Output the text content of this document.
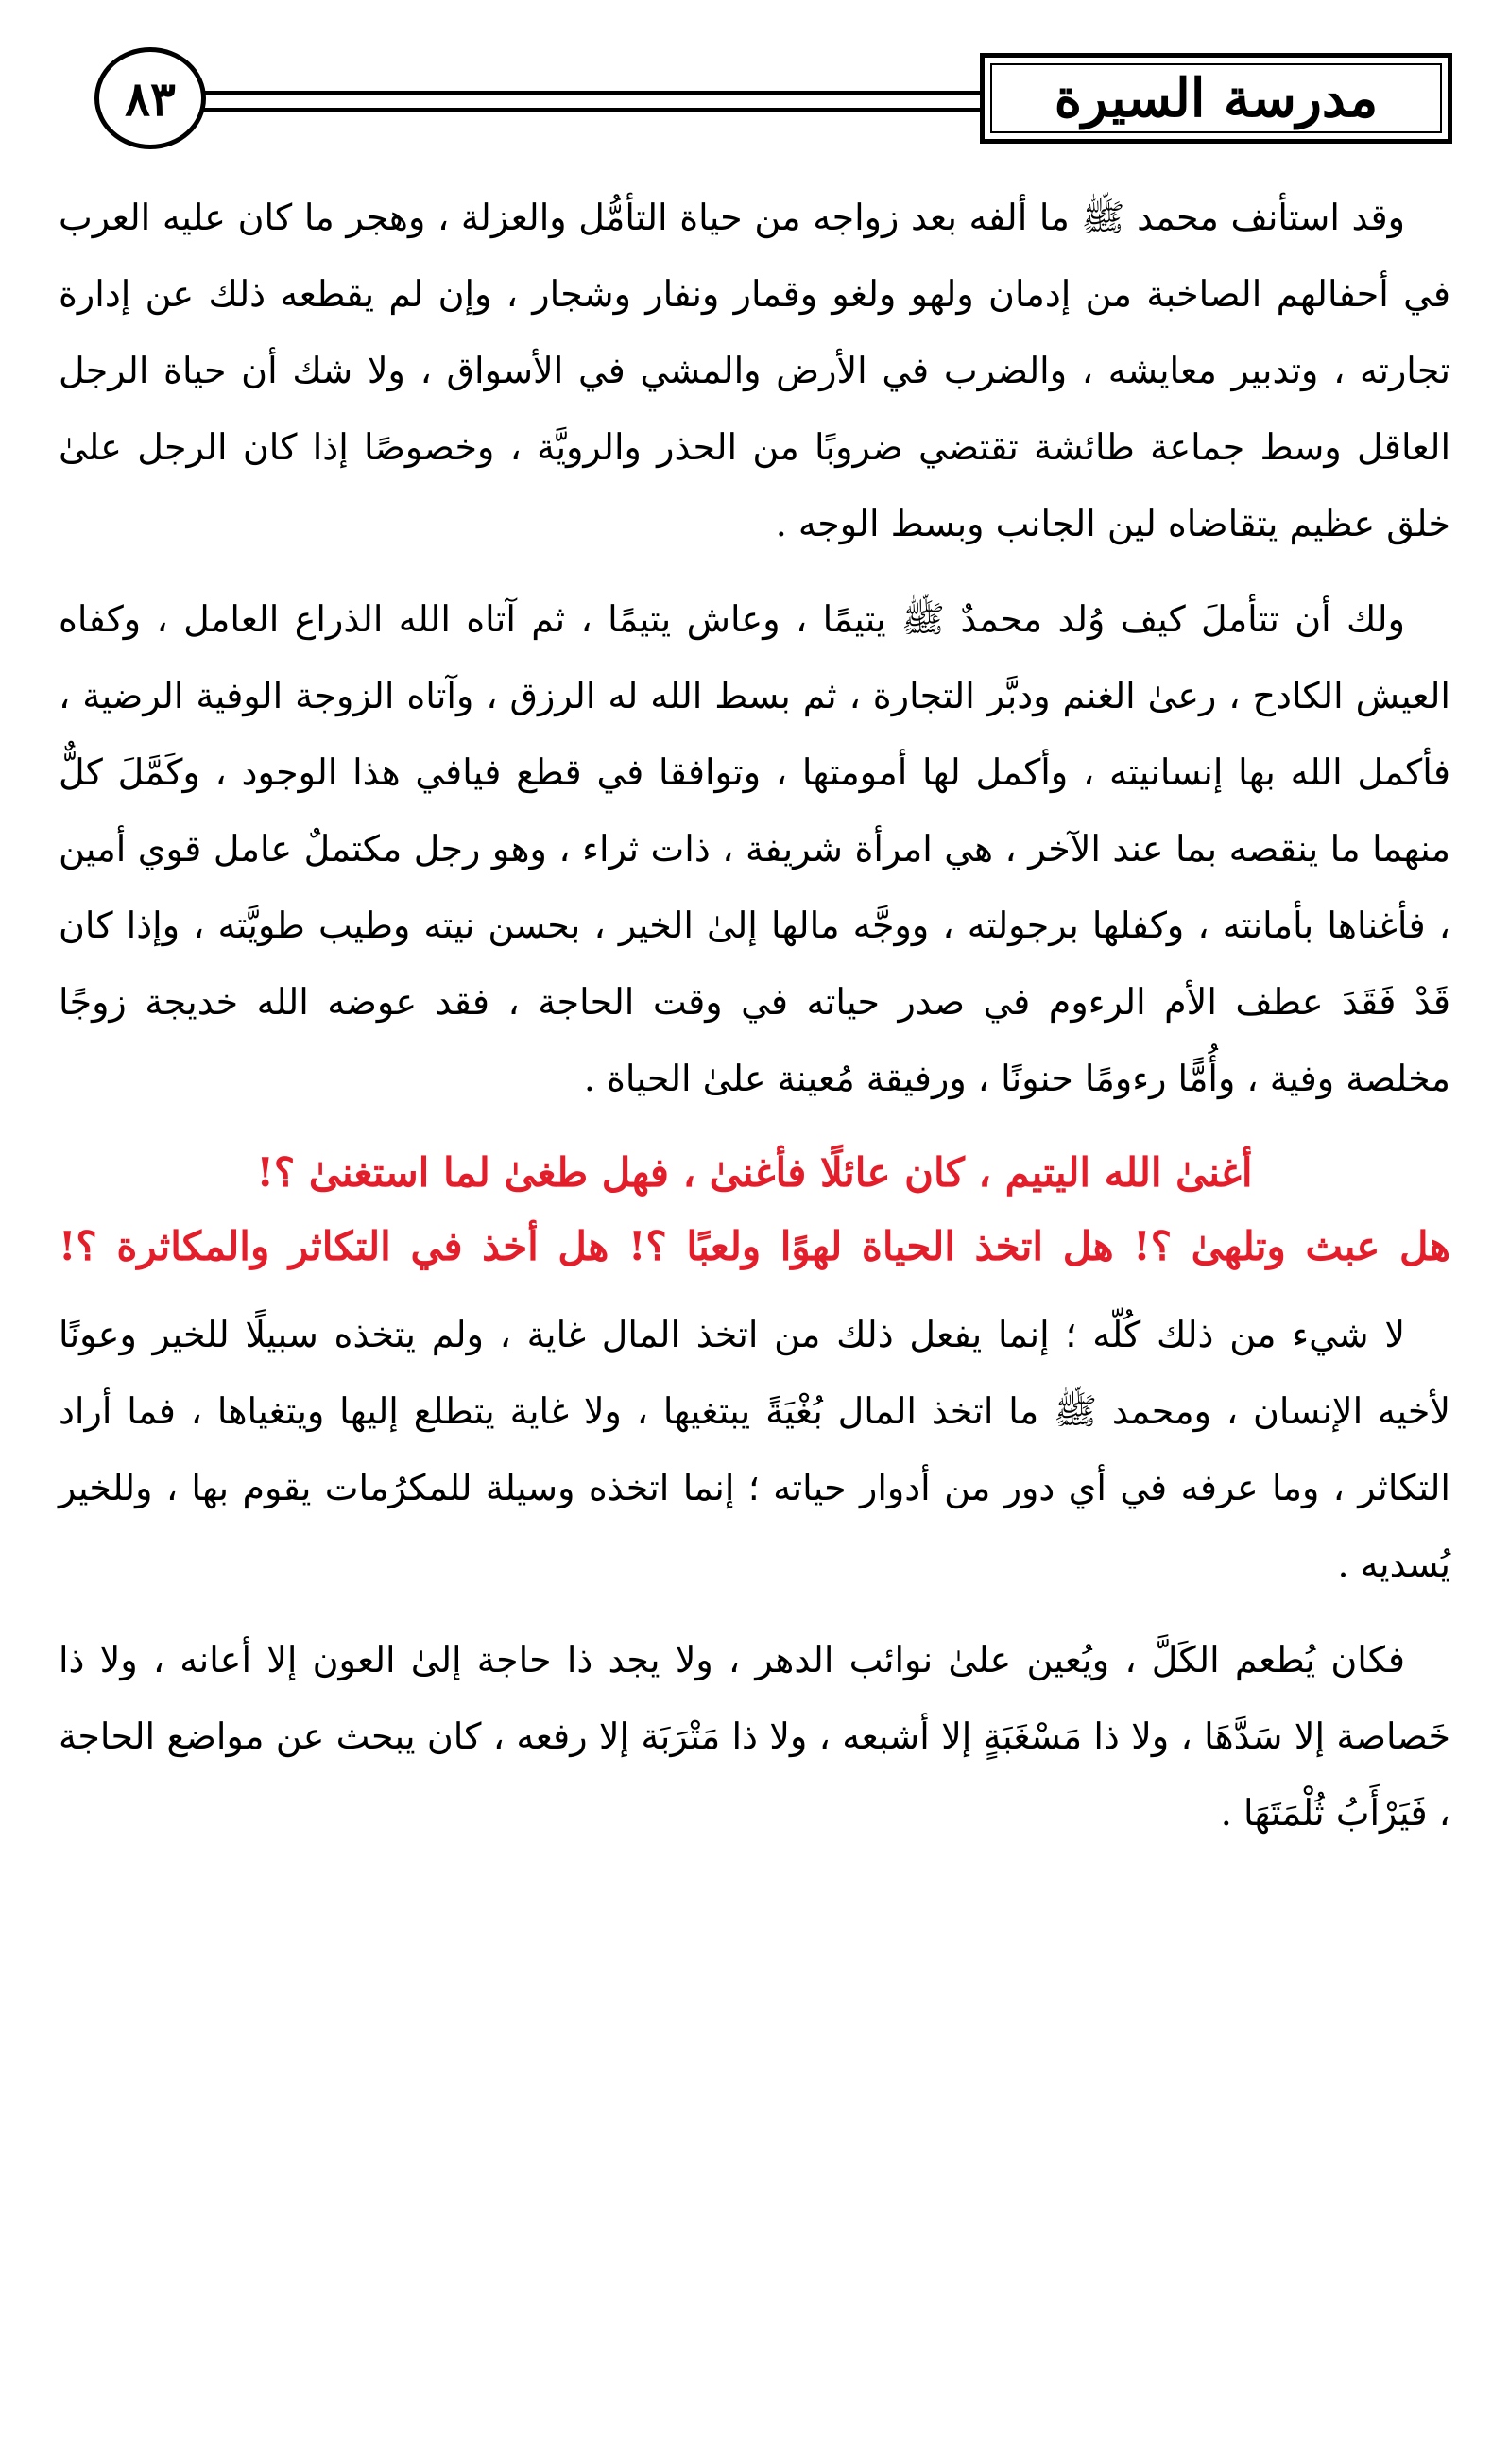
٨٣	مدرسة السيرة

وقد استأنف محمد ﷺ ما ألفه بعد زواجه من حياة التأمُّل والعزلة ، وهجر ما كان عليه العرب في أحفالهم الصاخبة من إدمان ولهو ولغو وقمار ونفار وشجار ، وإن لم يقطعه ذلك عن إدارة تجارته ، وتدبير معايشه ، والضرب في الأرض والمشي في الأسواق ، ولا شك أن حياة الرجل العاقل وسط جماعة طائشة تقتضي ضروبًا من الحذر والرويَّة ، وخصوصًا إذا كان الرجل علىٰ خلق عظيم يتقاضاه لين الجانب وبسط الوجه .

ولك أن تتأملَ كيف وُلد محمدٌ ﷺ يتيمًا ، وعاش يتيمًا ، ثم آتاه الله الذراع العامل ، وكفاه العيش الكادح ، رعىٰ الغنم ودبَّر التجارة ، ثم بسط الله له الرزق ، وآتاه الزوجة الوفية الرضية ، فأكمل الله بها إنسانيته ، وأكمل لها أمومتها ، وتوافقا في قطع فيافي هذا الوجود ، وكَمَّلَ كلٌّ منهما ما ينقصه بما عند الآخر ، هي امرأة شريفة ، ذات ثراء ، وهو رجل مكتملٌ عامل قوي أمين ، فأغناها بأمانته ، وكفلها برجولته ، ووجَّه مالها إلىٰ الخير ، بحسن نيته وطيب طويَّته ، وإذا كان قَدْ فَقَدَ عطف الأم الرءوم في صدر حياته في وقت الحاجة ، فقد عوضه الله خديجة زوجًا مخلصة وفية ، وأُمًّا رءومًا حنونًا ، ورفيقة مُعينة علىٰ الحياة .

أغنىٰ الله اليتيم ، كان عائلًا فأغنىٰ ، فهل طغىٰ لما استغنىٰ ؟!
هل عبث وتلهىٰ ؟! هل اتخذ الحياة لهوًا ولعبًا ؟! هل أخذ في التكاثر والمكاثرة ؟!

لا شيء من ذلك كُلّه ؛ إنما يفعل ذلك من اتخذ المال غاية ، ولم يتخذه سبيلًا للخير وعونًا لأخيه الإنسان ، ومحمد ﷺ ما اتخذ المال بُغْيَةً يبتغيها ، ولا غاية يتطلع إليها ويتغياها ، فما أراد التكاثر ، وما عرفه في أي دور من أدوار حياته ؛ إنما اتخذه وسيلة للمكرُمات يقوم بها ، وللخير يُسديه .

فكان يُطعم الكَلَّ ، ويُعين علىٰ نوائب الدهر ، ولا يجد ذا حاجة إلىٰ العون إلا أعانه ، ولا ذا خَصاصة إلا سَدَّهَا ، ولا ذا مَسْغَبَةٍ إلا أشبعه ، ولا ذا مَتْرَبَة إلا رفعه ، كان يبحث عن مواضع الحاجة ، فَيَرْأَبُ ثُلْمَتَهَا .
